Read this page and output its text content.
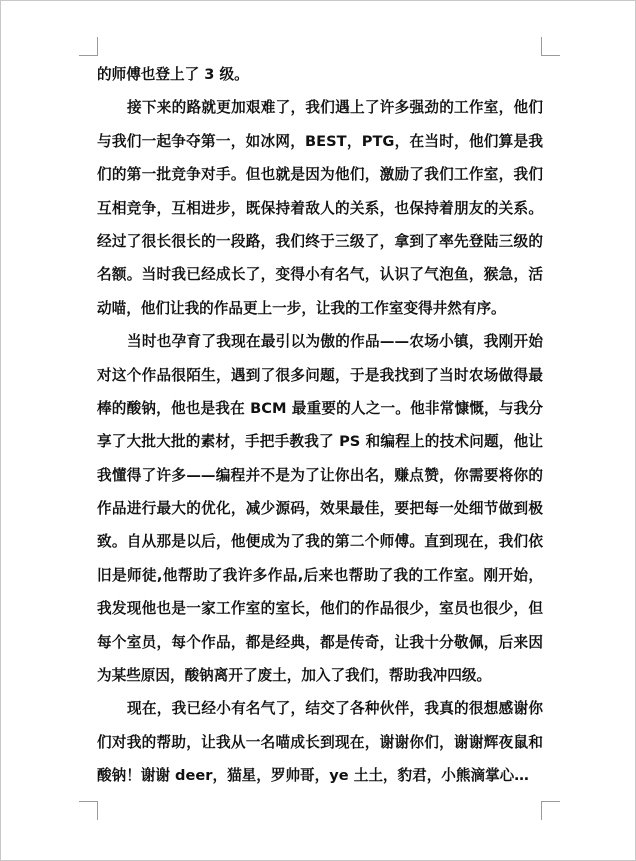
的师傅也登上了 3 级。
接下来的路就更加艰难了，我们遇上了许多强劲的工作室，他们
与我们一起争夺第一，如冰网，BEST，PTG，在当时，他们算是我
们的第一批竞争对手。但也就是因为他们，激励了我们工作室，我们
互相竞争，互相进步，既保持着敌人的关系，也保持着朋友的关系。
经过了很长很长的一段路，我们终于三级了，拿到了率先登陆三级的
名额。当时我已经成长了，变得小有名气，认识了气泡鱼，猴急，活
动喵，他们让我的作品更上一步，让我的工作室变得井然有序。
当时也孕育了我现在最引以为傲的作品——农场小镇，我刚开始
对这个作品很陌生，遇到了很多问题，于是我找到了当时农场做得最
棒的酸钠，他也是我在 BCM 最重要的人之一。他非常慷慨，与我分
享了大批大批的素材，手把手教我了 PS 和编程上的技术问题，他让
我懂得了许多——编程并不是为了让你出名，赚点赞，你需要将你的
作品进行最大的优化，减少源码，效果最佳，要把每一处细节做到极
致。自从那是以后，他便成为了我的第二个师傅。直到现在，我们依
旧是师徒,他帮助了我许多作品,后来也帮助了我的工作室。刚开始，
我发现他也是一家工作室的室长，他们的作品很少，室员也很少，但
每个室员，每个作品，都是经典，都是传奇，让我十分敬佩，后来因
为某些原因，酸钠离开了废土，加入了我们，帮助我冲四级。
现在，我已经小有名气了，结交了各种伙伴，我真的很想感谢你
们对我的帮助，让我从一名喵成长到现在，谢谢你们，谢谢辉夜鼠和
酸钠！谢谢 deer，猫星，罗帅哥，ye 土土，豹君，小熊滴掌心…
